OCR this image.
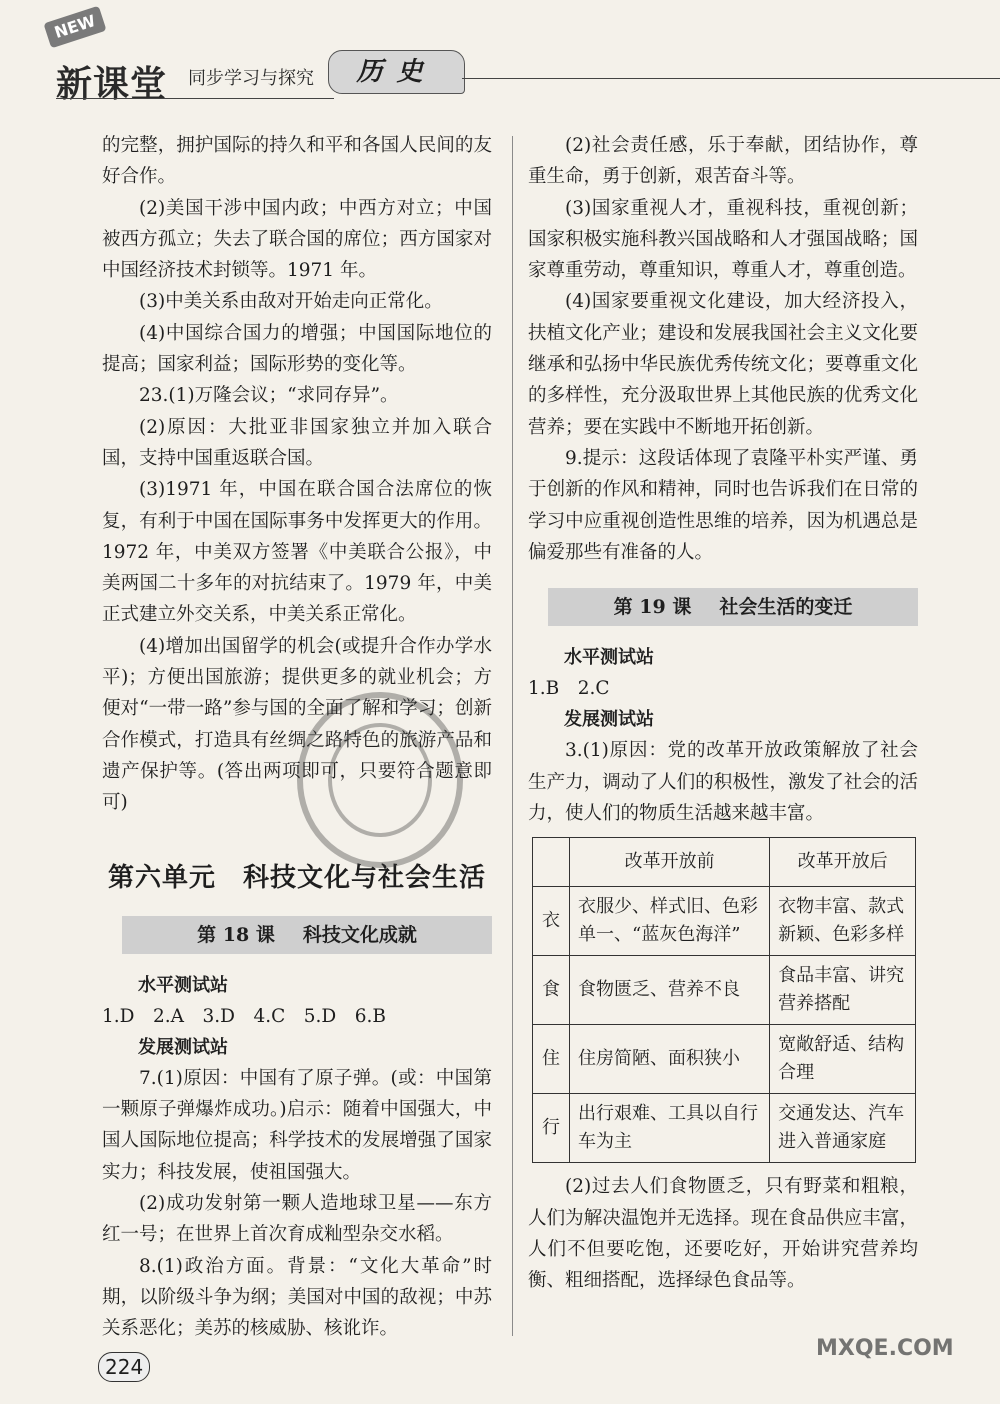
NEW
新课堂 同步学习与探究	历史

的完整，拥护国际的持久和平和各国人民间的友好合作。

(2)美国干涉中国内政；中西方对立；中国被西方孤立；失去了联合国的席位；西方国家对中国经济技术封锁等。1971 年。

(3)中美关系由敌对开始走向正常化。

(4)中国综合国力的增强；中国国际地位的提高；国家利益；国际形势的变化等。

23.(1)万隆会议；“求同存异”。

(2)原因：大批亚非国家独立并加入联合国，支持中国重返联合国。

(3)1971 年，中国在联合国合法席位的恢复，有利于中国在国际事务中发挥更大的作用。1972 年，中美双方签署《中美联合公报》，中美两国二十多年的对抗结束了。1979 年，中美正式建立外交关系，中美关系正常化。

(4)增加出国留学的机会(或提升合作办学水平)；方便出国旅游；提供更多的就业机会；方便对“一带一路”参与国的全面了解和学习；创新合作模式，打造具有丝绸之路特色的旅游产品和遗产保护等。(答出两项即可，只要符合题意即可)

第六单元　科技文化与社会生活
第 18 课 科技文化成就
水平测试站

1.D　2.A　3.D　4.C　5.D　6.B

发展测试站

7.(1)原因：中国有了原子弹。(或：中国第一颗原子弹爆炸成功。)启示：随着中国强大，中国人国际地位提高；科学技术的发展增强了国家实力；科技发展，使祖国强大。

(2)成功发射第一颗人造地球卫星——东方红一号；在世界上首次育成籼型杂交水稻。

8.(1)政治方面。背景：“文化大革命”时期，以阶级斗争为纲；美国对中国的敌视；中苏关系恶化；美苏的核威胁、核讹诈。

(2)社会责任感，乐于奉献，团结协作，尊重生命，勇于创新，艰苦奋斗等。

(3)国家重视人才，重视科技，重视创新；国家积极实施科教兴国战略和人才强国战略；国家尊重劳动，尊重知识，尊重人才，尊重创造。

(4)国家要重视文化建设，加大经济投入，扶植文化产业；建设和发展我国社会主义文化要继承和弘扬中华民族优秀传统文化；要尊重文化的多样性，充分汲取世界上其他民族的优秀文化营养；要在实践中不断地开拓创新。

9.提示：这段话体现了袁隆平朴实严谨、勇于创新的作风和精神，同时也告诉我们在日常的学习中应重视创造性思维的培养，因为机遇总是偏爱那些有准备的人。

第 19 课 社会生活的变迁
水平测试站

1.B　2.C

发展测试站

3.(1)原因：党的改革开放政策解放了社会生产力，调动了人们的积极性，激发了社会的活力，使人们的物质生活越来越丰富。

	改革开放前	改革开放后
衣	衣服少、样式旧、色彩单一、“蓝灰色海洋”	衣物丰富、款式新颖、色彩多样
食	食物匮乏、营养不良	食品丰富、讲究营养搭配
住	住房简陋、面积狭小	宽敞舒适、结构合理
行	出行艰难、工具以自行车为主	交通发达、汽车进入普通家庭

(2)过去人们食物匮乏，只有野菜和粗粮，人们为解决温饱并无选择。现在食品供应丰富，人们不但要吃饱，还要吃好，开始讲究营养均衡、粗细搭配，选择绿色食品等。

224
MXQE.COM
